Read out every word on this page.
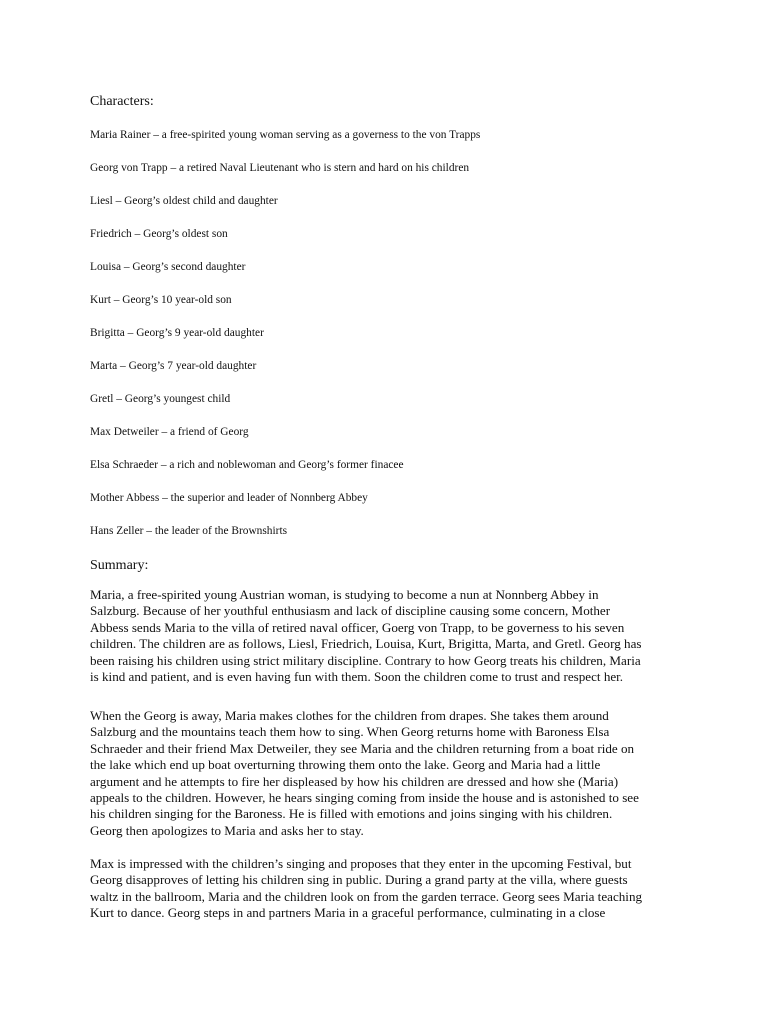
Characters:
Maria Rainer – a free-spirited young woman serving as a governess to the von Trapps
Georg von Trapp – a retired Naval Lieutenant who is stern and hard on his children
Liesl – Georg’s oldest child and daughter
Friedrich – Georg’s oldest son
Louisa – Georg’s second daughter
Kurt – Georg’s 10 year-old son
Brigitta – Georg’s 9 year-old daughter
Marta – Georg’s 7 year-old daughter
Gretl – Georg’s youngest child
Max Detweiler – a friend of Georg
Elsa Schraeder – a rich and noblewoman and Georg’s former finacee
Mother Abbess – the superior and leader of Nonnberg Abbey
Hans Zeller – the leader of the Brownshirts
Summary:
Maria, a free-spirited young Austrian woman, is studying to become a nun at Nonnberg Abbey in
Salzburg. Because of her youthful enthusiasm and lack of discipline causing some concern, Mother
Abbess sends Maria to the villa of retired naval officer, Goerg von Trapp, to be governess to his seven
children. The children are as follows, Liesl, Friedrich, Louisa, Kurt, Brigitta, Marta, and Gretl. Georg has
been raising his children using strict military discipline. Contrary to how Georg treats his children, Maria
is kind and patient, and is even having fun with them. Soon the children come to trust and respect her.
When the Georg is away, Maria makes clothes for the children from drapes. She takes them around
Salzburg and the mountains teach them how to sing. When Georg returns home with Baroness Elsa
Schraeder and their friend Max Detweiler, they see Maria and the children returning from a boat ride on
the lake which end up boat overturning throwing them onto the lake. Georg and Maria had a little
argument and he attempts to fire her displeased by how his children are dressed and how she (Maria)
appeals to the children. However, he hears singing coming from inside the house and is astonished to see
his children singing for the Baroness. He is filled with emotions and joins singing with his children.
Georg then apologizes to Maria and asks her to stay.
Max is impressed with the children’s singing and proposes that they enter in the upcoming Festival, but
Georg disapproves of letting his children sing in public. During a grand party at the villa, where guests
waltz in the ballroom, Maria and the children look on from the garden terrace. Georg sees Maria teaching
Kurt to dance. Georg steps in and partners Maria in a graceful performance, culminating in a close
